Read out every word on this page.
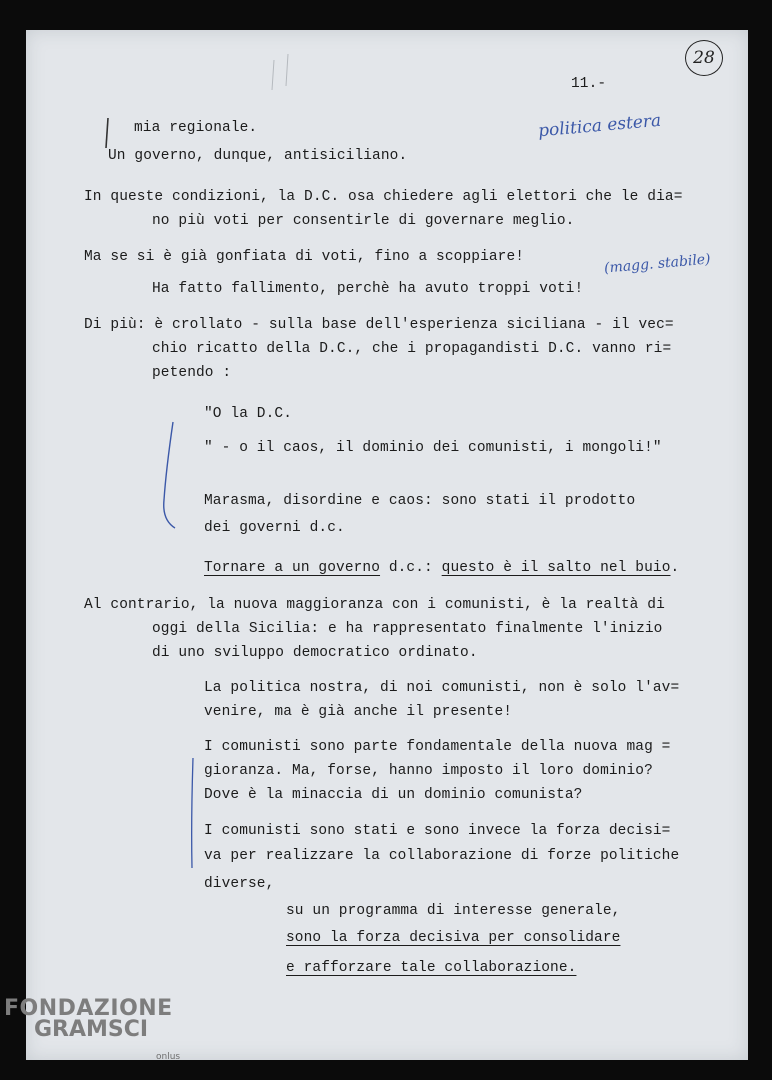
28
11.-
politica estera
(magg. stabile)
mia regionale.
Un governo, dunque, antisiciliano.
In queste condizioni, la D.C. osa chiedere agli elettori che le dia=
no più voti per consentirle di governare meglio.
Ma se si è già gonfiata di voti, fino a scoppiare!
Ha fatto fallimento, perchè ha avuto troppi voti!
Di più: è crollato - sulla base dell'esperienza siciliana - il vec=
chio ricatto della D.C., che i propagandisti D.C. vanno ri=
petendo :
"O la D.C.
" - o il caos, il dominio dei comunisti, i mongoli!"
Marasma, disordine e caos: sono stati il prodotto
dei governi d.c.
Tornare a un governo d.c.: questo è il salto nel buio.
Al contrario, la nuova maggioranza con i comunisti, è la realtà di
oggi della Sicilia: e ha rappresentato finalmente l'inizio
di uno sviluppo democratico ordinato.
La politica nostra, di noi comunisti, non è solo l'av=
venire, ma è già anche il presente!
I comunisti sono parte fondamentale della nuova mag =
gioranza. Ma, forse, hanno imposto il loro dominio?
Dove è la minaccia di un dominio comunista?
I comunisti sono stati e sono invece la forza decisi=
va per realizzare la collaborazione di forze politiche
diverse,
su un programma di interesse generale,
sono la forza decisiva per consolidare
e rafforzare tale collaborazione.
FONDAZIONE
GRAMSCI
onlus
